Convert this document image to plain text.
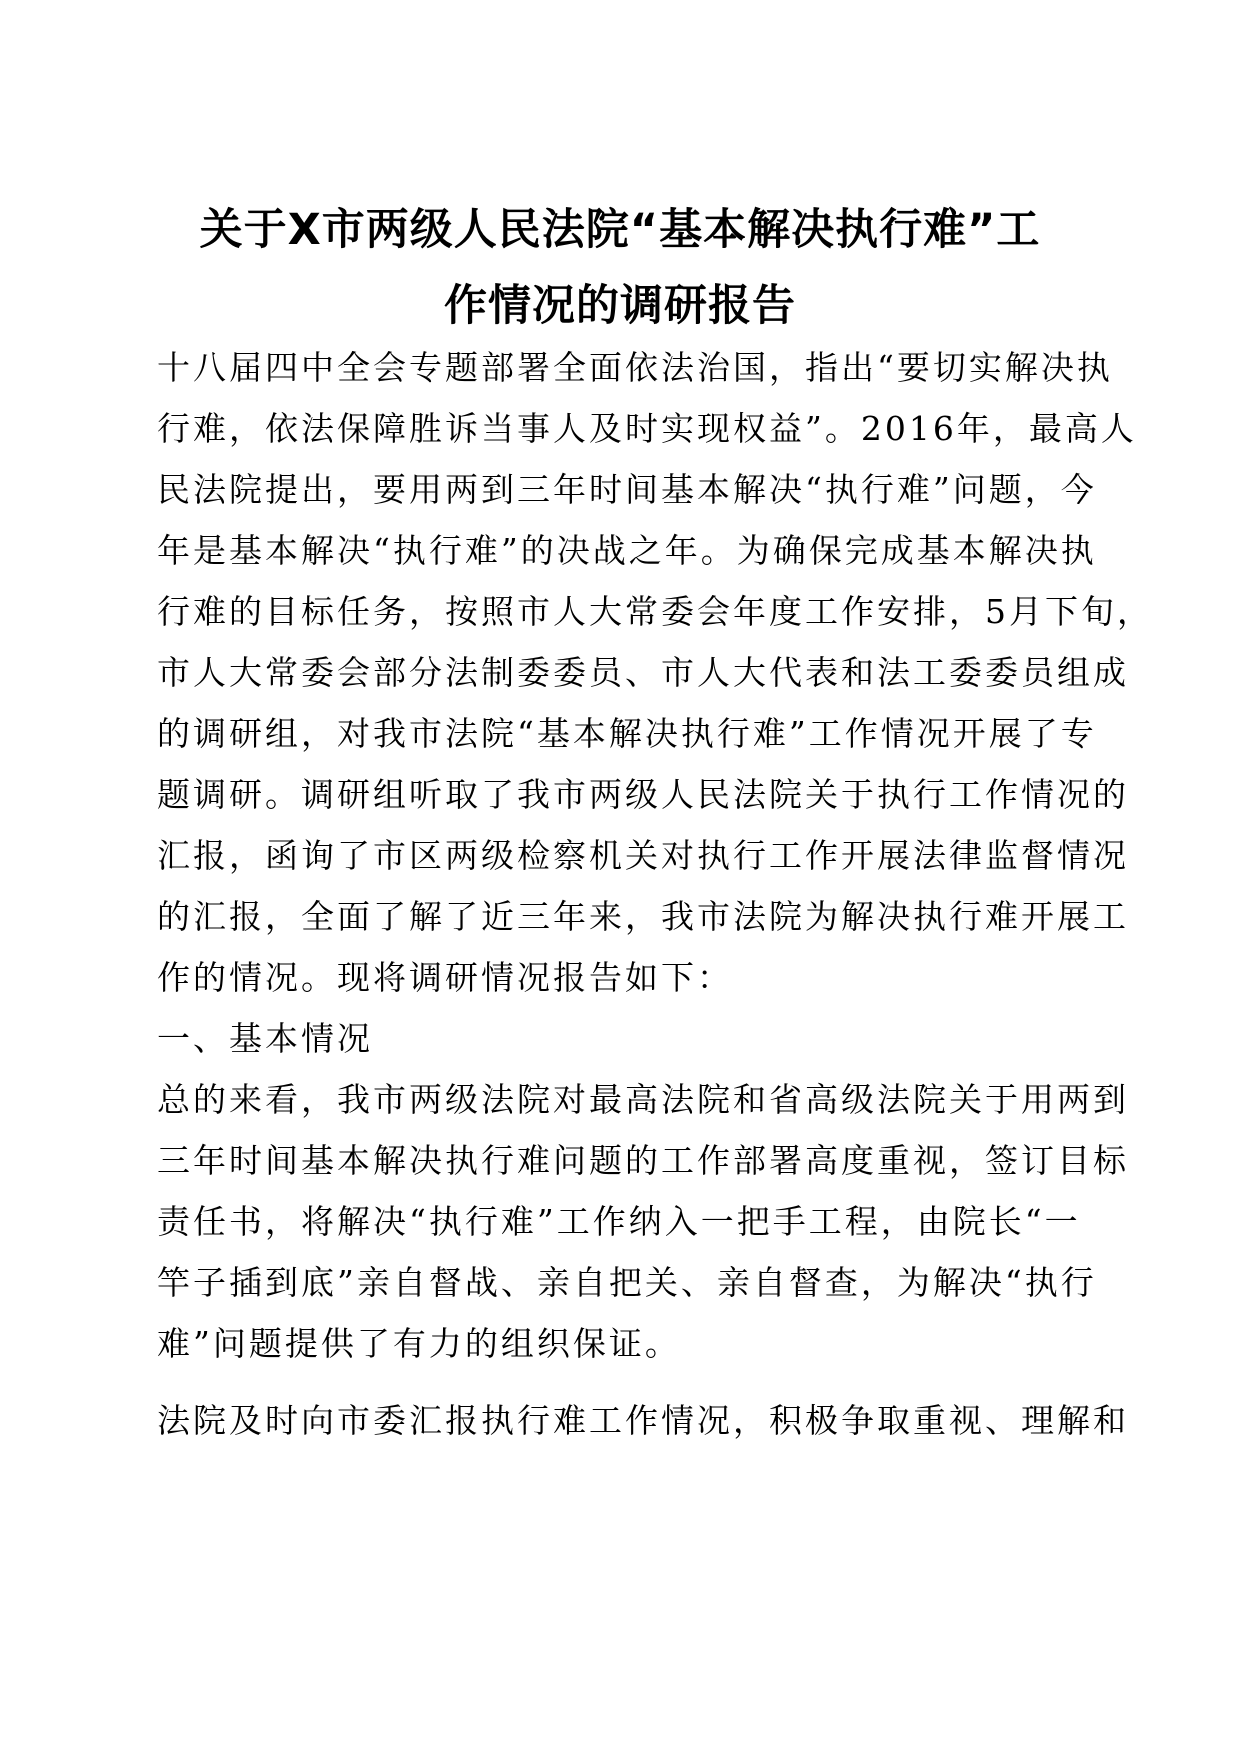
关于X市两级人民法院“基本解决执行难”工
作情况的调研报告

十八届四中全会专题部署全面依法治国，指出“要切实解决执

行难，依法保障胜诉当事人及时实现权益”。2016年，最高人

民法院提出，要用两到三年时间基本解决“执行难”问题，今

年是基本解决“执行难”的决战之年。为确保完成基本解决执

行难的目标任务，按照市人大常委会年度工作安排，5月下旬，

市人大常委会部分法制委委员、市人大代表和法工委委员组成

的调研组，对我市法院“基本解决执行难”工作情况开展了专

题调研。调研组听取了我市两级人民法院关于执行工作情况的

汇报，函询了市区两级检察机关对执行工作开展法律监督情况

的汇报，全面了解了近三年来，我市法院为解决执行难开展工

作的情况。现将调研情况报告如下：

一、基本情况

总的来看，我市两级法院对最高法院和省高级法院关于用两到

三年时间基本解决执行难问题的工作部署高度重视，签订目标

责任书，将解决“执行难”工作纳入一把手工程，由院长“一

竿子插到底”亲自督战、亲自把关、亲自督查，为解决“执行

难”问题提供了有力的组织保证。

法院及时向市委汇报执行难工作情况，积极争取重视、理解和
